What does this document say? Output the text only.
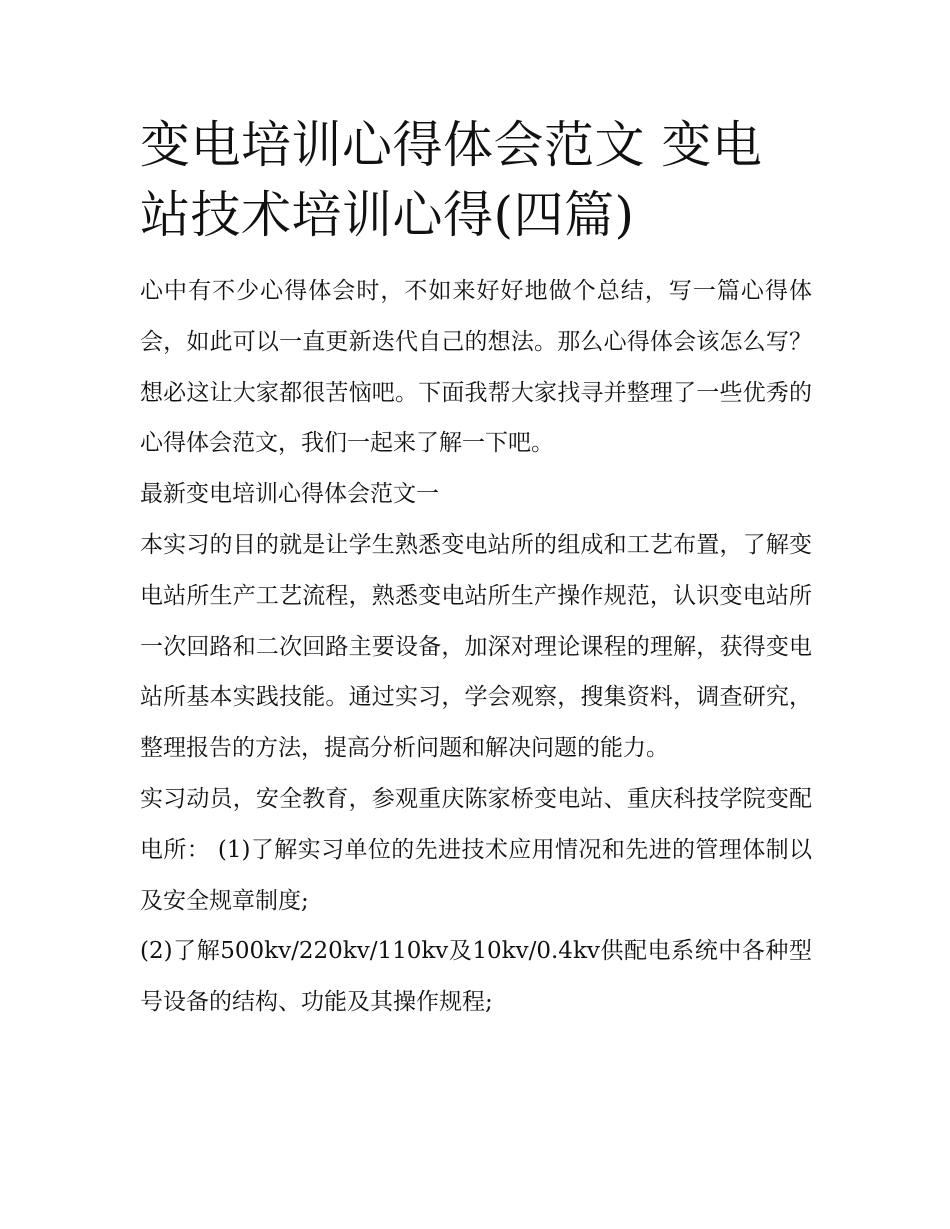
变电培训心得体会范文 变电站技术培训心得(四篇)

心中有不少心得体会时，不如来好好地做个总结，写一篇心得体会，如此可以一直更新迭代自己的想法。那么心得体会该怎么写？想必这让大家都很苦恼吧。下面我帮大家找寻并整理了一些优秀的心得体会范文，我们一起来了解一下吧。

最新变电培训心得体会范文一

本实习的目的就是让学生熟悉变电站所的组成和工艺布置，了解变电站所生产工艺流程，熟悉变电站所生产操作规范，认识变电站所一次回路和二次回路主要设备，加深对理论课程的理解，获得变电站所基本实践技能。通过实习，学会观察，搜集资料，调查研究，整理报告的方法，提高分析问题和解决问题的能力。

实习动员，安全教育，参观重庆陈家桥变电站、重庆科技学院变配电所： (1)了解实习单位的先进技术应用情况和先进的管理体制以及安全规章制度;

(2)了解500kv/220kv/110kv及10kv/0.4kv供配电系统中各种型号设备的结构、功能及其操作规程;
